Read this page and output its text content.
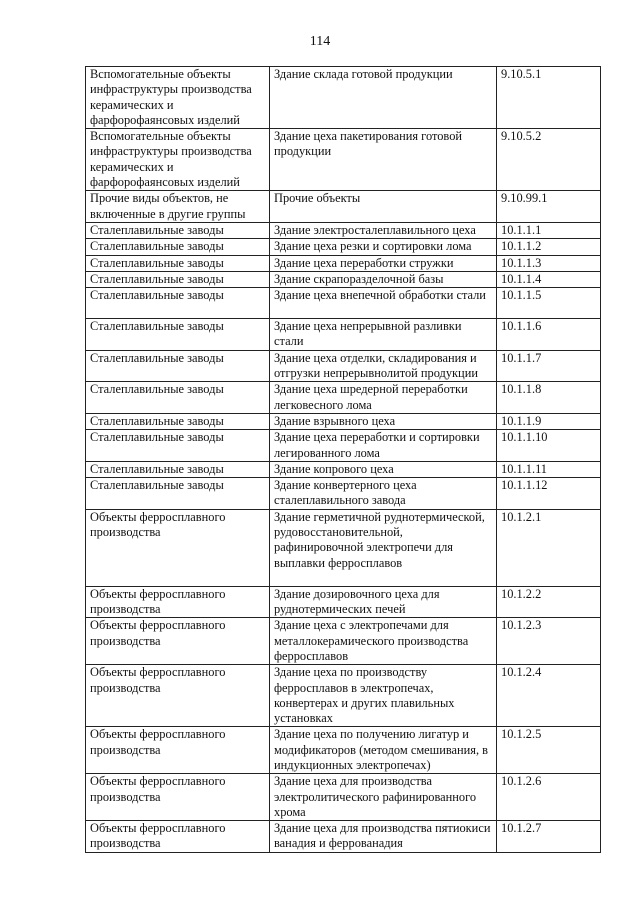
114
Вспомогательные объекты инфраструктуры производства керамических и фарфорофаянсовых изделий	Здание склада готовой продукции	9.10.5.1
Вспомогательные объекты инфраструктуры производства керамических и фарфорофаянсовых изделий	Здание цеха пакетирования готовой продукции	9.10.5.2
Прочие виды объектов, не включенные в другие группы	Прочие объекты	9.10.99.1
Сталеплавильные заводы	Здание электросталеплавильного цеха	10.1.1.1
Сталеплавильные заводы	Здание цеха резки и сортировки лома	10.1.1.2
Сталеплавильные заводы	Здание цеха переработки стружки	10.1.1.3
Сталеплавильные заводы	Здание скрапоразделочной базы	10.1.1.4
Сталеплавильные заводы	Здание цеха внепечной обработки стали	10.1.1.5
Сталеплавильные заводы	Здание цеха непрерывной разливки стали	10.1.1.6
Сталеплавильные заводы	Здание цеха отделки, складирования и отгрузки непрерывнолитой продукции	10.1.1.7
Сталеплавильные заводы	Здание цеха шредерной переработки легковесного лома	10.1.1.8
Сталеплавильные заводы	Здание взрывного цеха	10.1.1.9
Сталеплавильные заводы	Здание цеха переработки и сортировки легированного лома	10.1.1.10
Сталеплавильные заводы	Здание копрового цеха	10.1.1.11
Сталеплавильные заводы	Здание конвертерного цеха сталеплавильного завода	10.1.1.12
Объекты ферросплавного производства	Здание герметичной руднотермической, рудовосстановительной, рафинировочной электропечи для выплавки ферросплавов	10.1.2.1
Объекты ферросплавного производства	Здание дозировочного цеха для руднотермических печей	10.1.2.2
Объекты ферросплавного производства	Здание цеха с электропечами для металлокерамического производства ферросплавов	10.1.2.3
Объекты ферросплавного производства	Здание цеха по производству ферросплавов в электропечах, конвертерах и других плавильных установках	10.1.2.4
Объекты ферросплавного производства	Здание цеха по получению лигатур и модификаторов (методом смешивания, в индукционных электропечах)	10.1.2.5
Объекты ферросплавного производства	Здание цеха для производства электролитического рафинированного хрома	10.1.2.6
Объекты ферросплавного производства	Здание цеха для производства пятиокиси ванадия и феррованадия	10.1.2.7
